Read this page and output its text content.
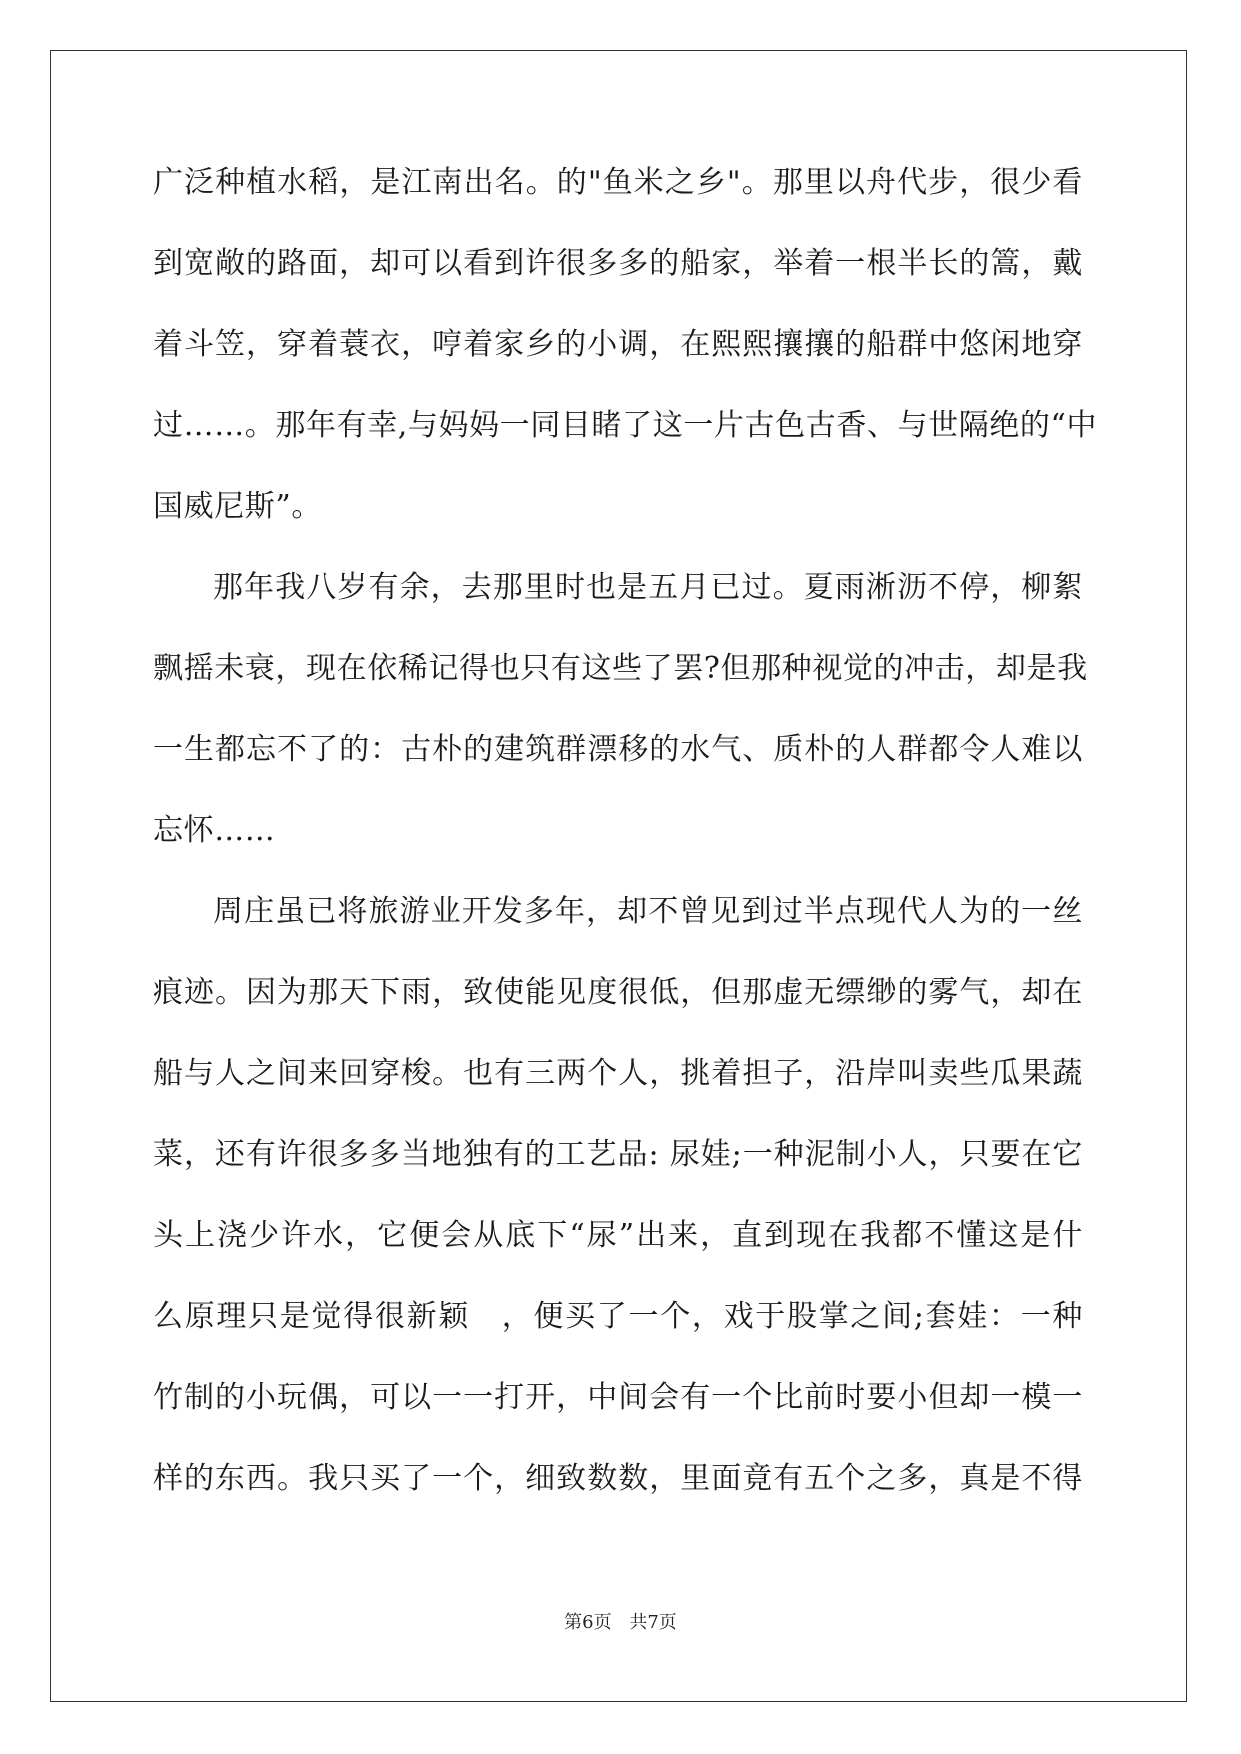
广泛种植水稻，是江南出名。的"鱼米之乡"。那里以舟代步，很少看
到宽敞的路面，却可以看到许很多多的船家，举着一根半长的篙，戴
着斗笠，穿着蓑衣，哼着家乡的小调，在熙熙攘攘的船群中悠闲地穿
过……。那年有幸,与妈妈一同目睹了这一片古色古香、与世隔绝的“中
国威尼斯”。
那年我八岁有余，去那里时也是五月已过。夏雨淅沥不停，柳絮
飘摇未衰，现在依稀记得也只有这些了罢?但那种视觉的冲击，却是我
一生都忘不了的：古朴的建筑群漂移的水气、质朴的人群都令人难以
忘怀……
周庄虽已将旅游业开发多年，却不曾见到过半点现代人为的一丝
痕迹。因为那天下雨，致使能见度很低，但那虚无缥缈的雾气，却在
船与人之间来回穿梭。也有三两个人，挑着担子，沿岸叫卖些瓜果蔬
菜，还有许很多多当地独有的工艺品: 尿娃;一种泥制小人，只要在它
头上浇少许水，它便会从底下“尿”出来，直到现在我都不懂这是什
么原理只是觉得很新颖　，便买了一个，戏于股掌之间;套娃：一种
竹制的小玩偶，可以一一打开，中间会有一个比前时要小但却一模一
样的东西。我只买了一个，细致数数，里面竟有五个之多，真是不得
第6页 共7页
